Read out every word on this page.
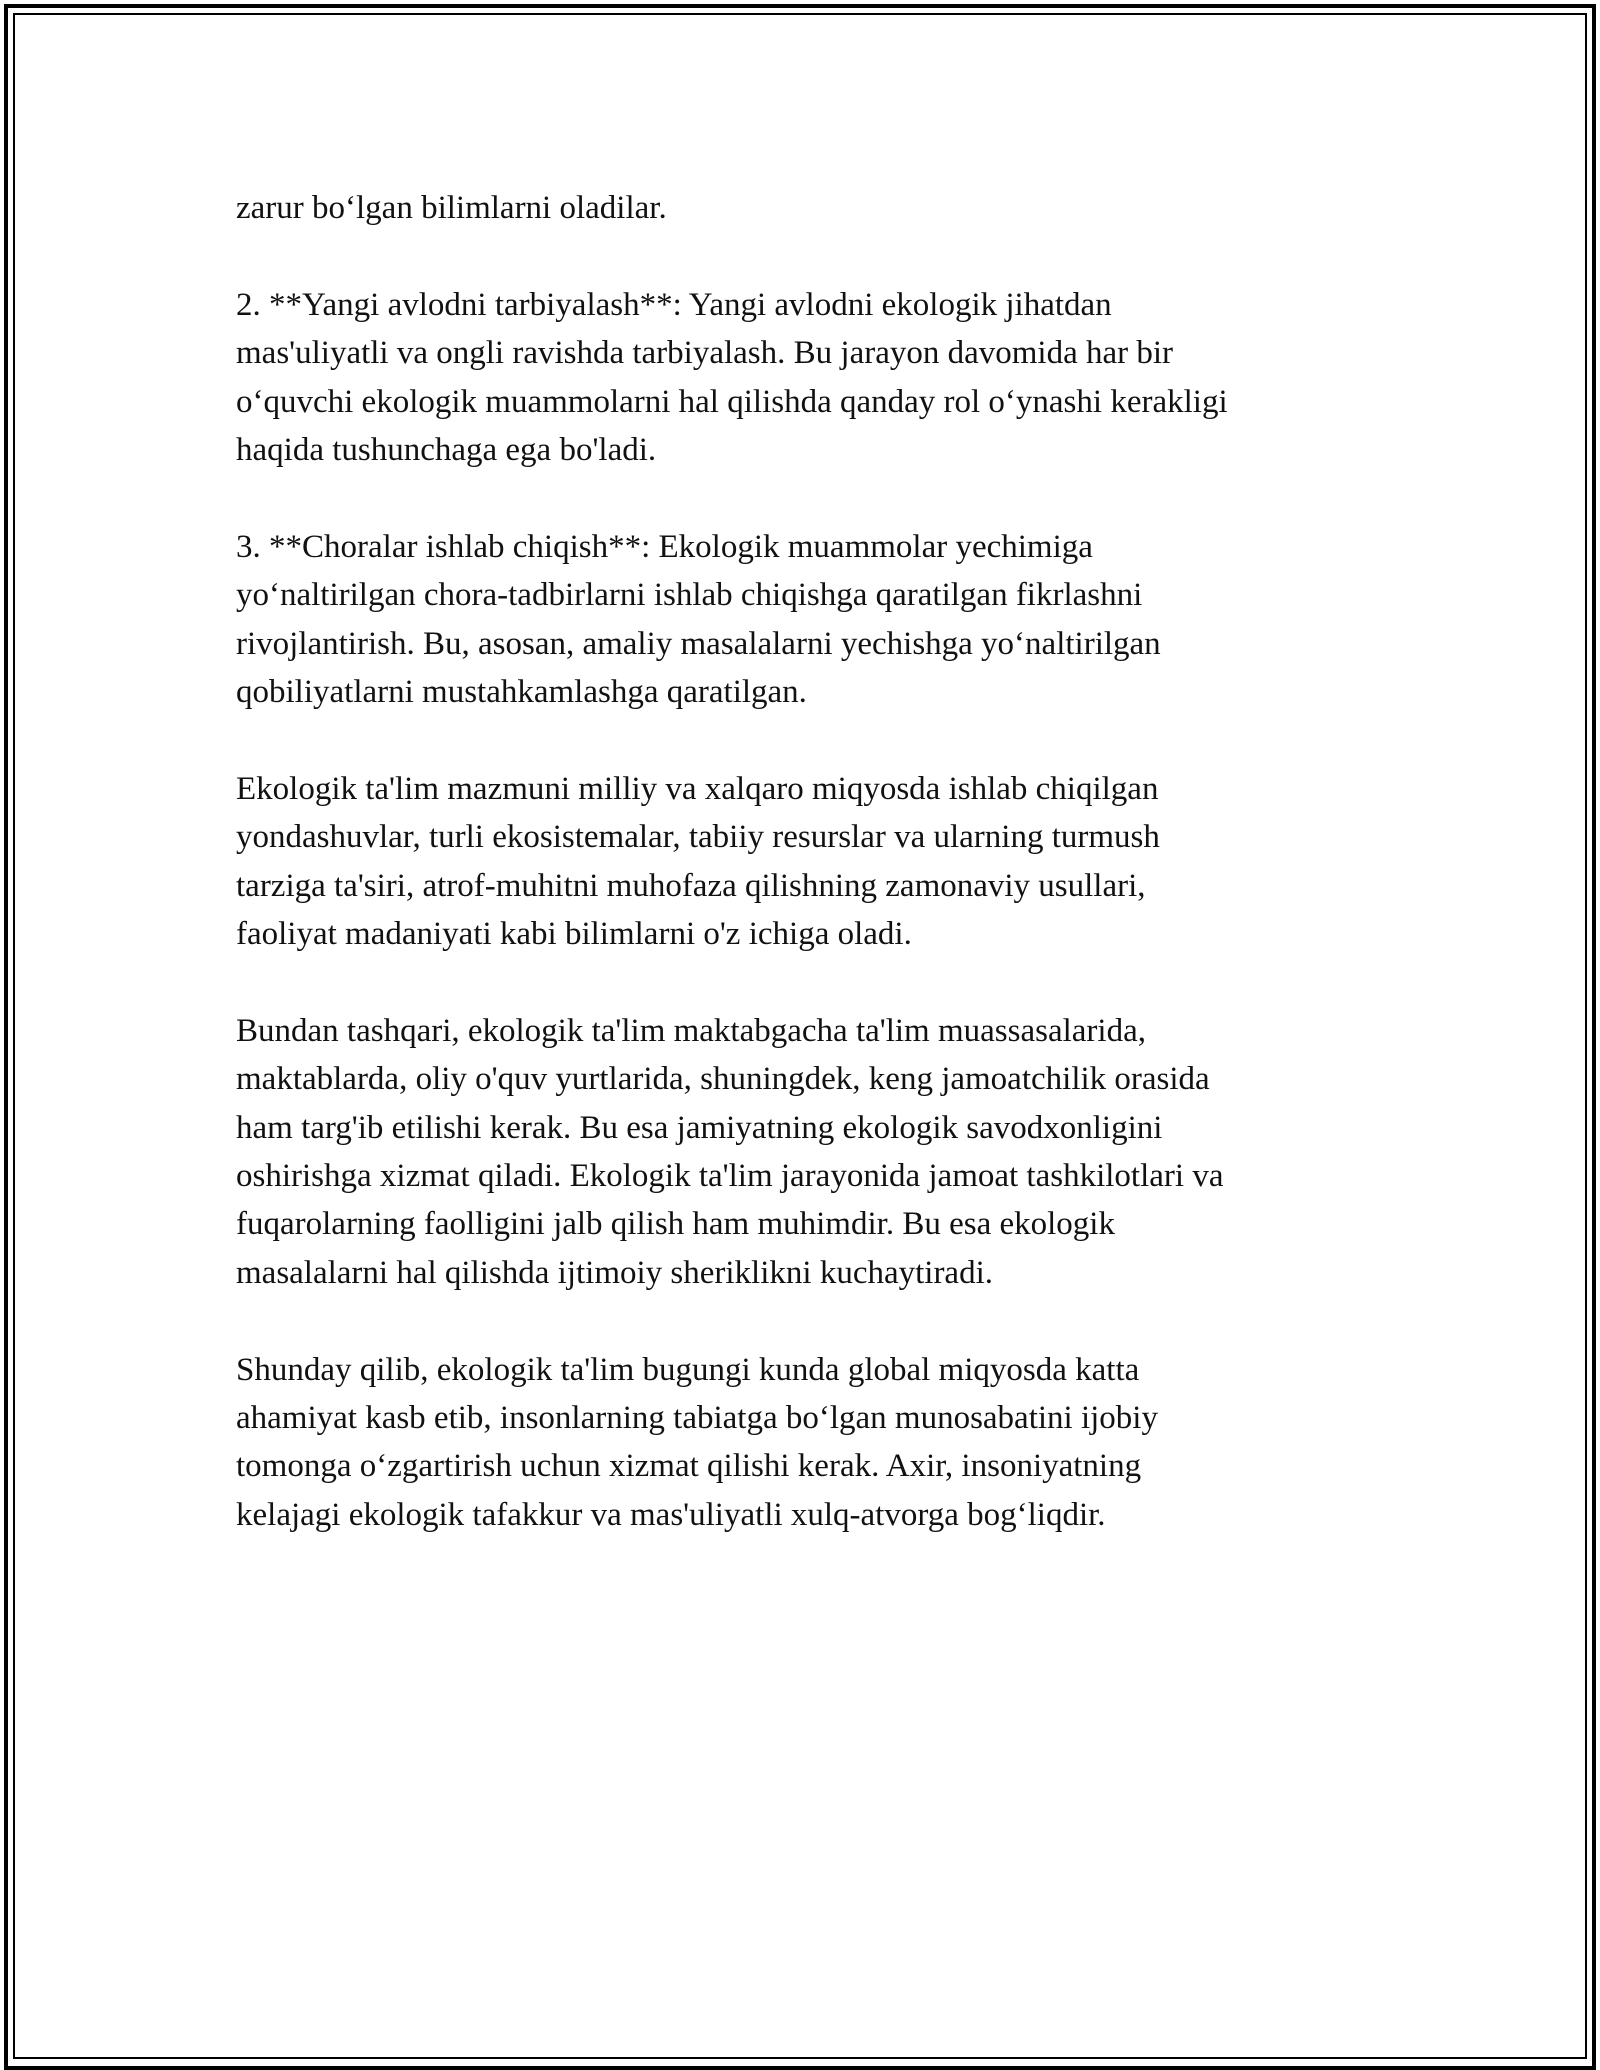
zarur bo‘lgan bilimlarni oladilar.
2. **Yangi avlodni tarbiyalash**: Yangi avlodni ekologik jihatdan
mas'uliyatli va ongli ravishda tarbiyalash. Bu jarayon davomida har bir
o‘quvchi ekologik muammolarni hal qilishda qanday rol o‘ynashi kerakligi
haqida tushunchaga ega bo'ladi.
3. **Choralar ishlab chiqish**: Ekologik muammolar yechimiga
yo‘naltirilgan chora-tadbirlarni ishlab chiqishga qaratilgan fikrlashni
rivojlantirish. Bu, asosan, amaliy masalalarni yechishga yo‘naltirilgan
qobiliyatlarni mustahkamlashga qaratilgan.
Ekologik ta'lim mazmuni milliy va xalqaro miqyosda ishlab chiqilgan
yondashuvlar, turli ekosistemalar, tabiiy resurslar va ularning turmush
tarziga ta'siri, atrof-muhitni muhofaza qilishning zamonaviy usullari,
faoliyat madaniyati kabi bilimlarni o'z ichiga oladi.
Bundan tashqari, ekologik ta'lim maktabgacha ta'lim muassasalarida,
maktablarda, oliy o'quv yurtlarida, shuningdek, keng jamoatchilik orasida
ham targ'ib etilishi kerak. Bu esa jamiyatning ekologik savodxonligini
oshirishga xizmat qiladi. Ekologik ta'lim jarayonida jamoat tashkilotlari va
fuqarolarning faolligini jalb qilish ham muhimdir. Bu esa ekologik
masalalarni hal qilishda ijtimoiy sheriklikni kuchaytiradi.
Shunday qilib, ekologik ta'lim bugungi kunda global miqyosda katta
ahamiyat kasb etib, insonlarning tabiatga bo‘lgan munosabatini ijobiy
tomonga o‘zgartirish uchun xizmat qilishi kerak. Axir, insoniyatning
kelajagi ekologik tafakkur va mas'uliyatli xulq-atvorga bog‘liqdir.
